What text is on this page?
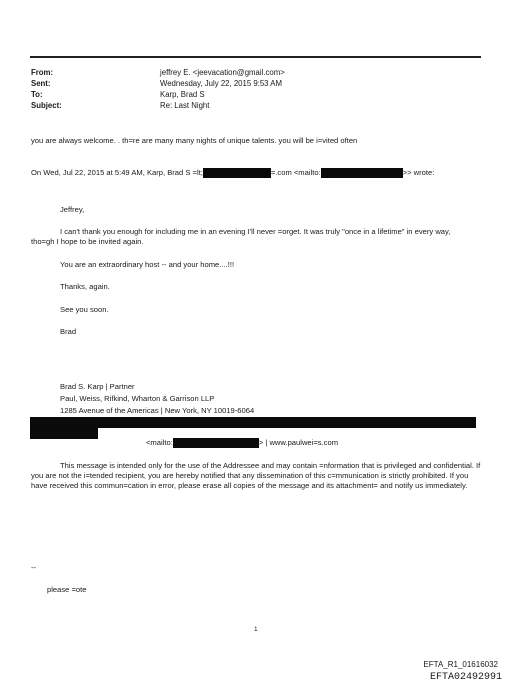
From:	jeffrey E. <jeevacation@gmail.com>
Sent:	Wednesday, July 22, 2015 9:53 AM
To:	Karp, Brad S
Subject:	Re: Last Night
you are always welcome. . th=re are many many nights of unique talents. you will be i=vited often
On Wed, Jul 22, 2015 at 5:49 AM, Karp, Brad S =lt;	=.com <mailto:	>> wrote:
Jeffrey,
I can't thank you enough for including me in an evening I'll never =orget. It was truly "once in a lifetime" in every way, tho=gh I hope to be invited again.
You are an extraordinary host -- and your home....!!!
Thanks, again.
See you soon.
Brad
Brad S. Karp | Partner
Paul, Weiss, Rifkind, Wharton & Garrison LLP
1285 Avenue of the Americas | New York, NY 10019-6064
<mailto:	> | www.paulwei=s.com
This message is intended only for the use of the Addressee and may contain =nformation that is privileged and confidential. If you are not the i=tended recipient, you are hereby notified that any dissemination of this c=mmunication is strictly prohibited. If you have received this commun=cation in error, please erase all copies of the message and its attachment= and notify us immediately.
--
please =ote
1
EFTA_R1_01616032
EFTA02492991
